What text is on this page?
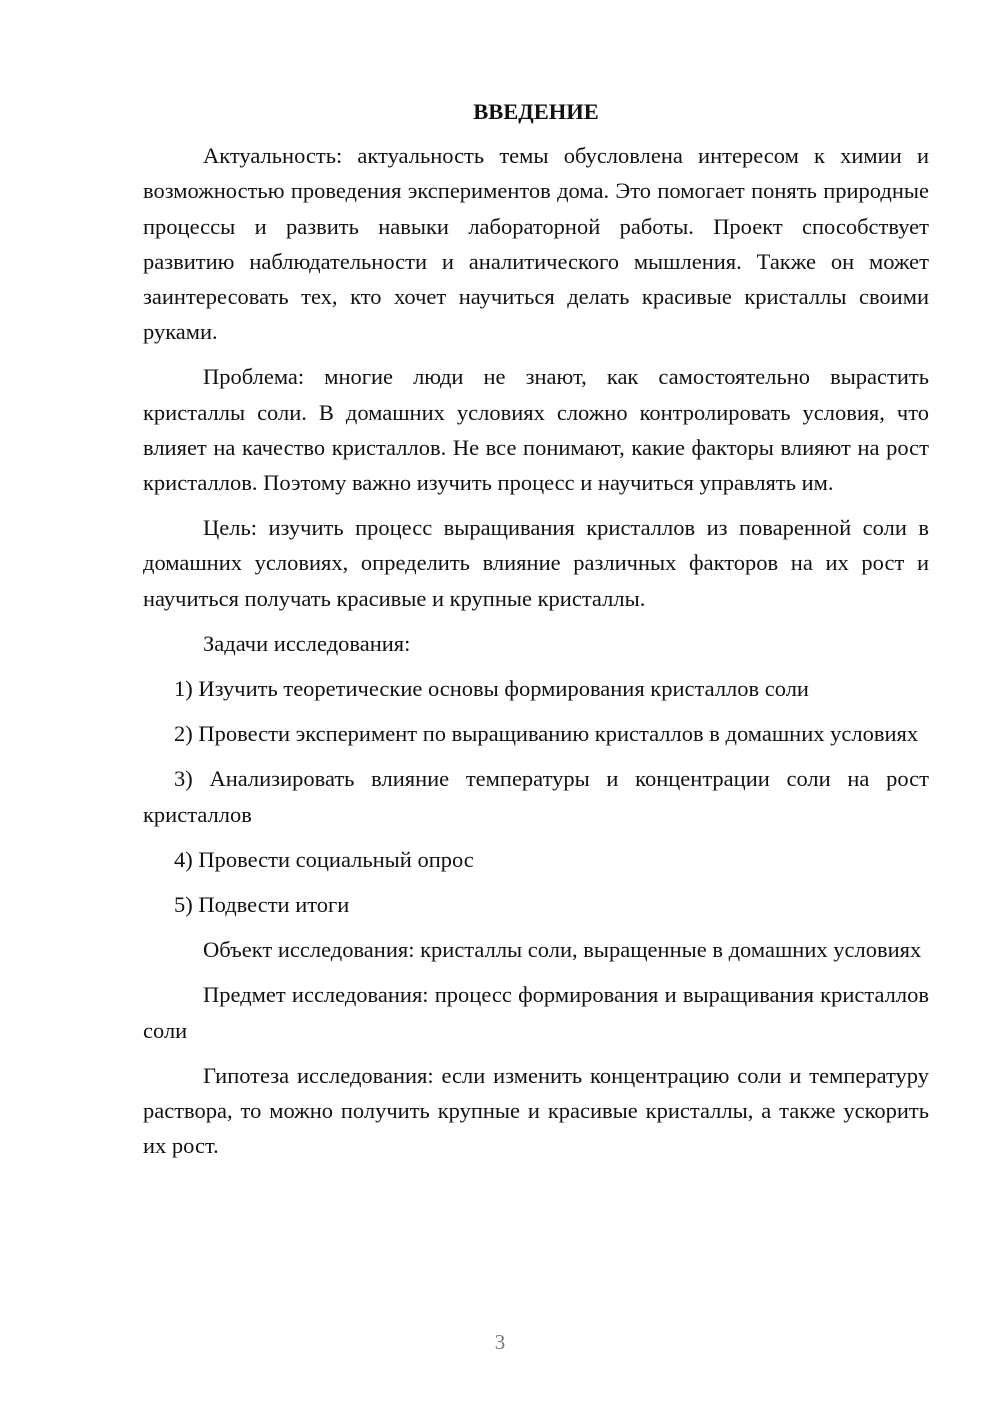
ВВЕДЕНИЕ

Актуальность: актуальность темы обусловлена интересом к химии и возможностью проведения экспериментов дома. Это помогает понять природные процессы и развить навыки лабораторной работы. Проект способствует развитию наблюдательности и аналитического мышления. Также он может заинтересовать тех, кто хочет научиться делать красивые кристаллы своими руками.

Проблема: многие люди не знают, как самостоятельно вырастить кристаллы соли. В домашних условиях сложно контролировать условия, что влияет на качество кристаллов. Не все понимают, какие факторы влияют на рост кристаллов. Поэтому важно изучить процесс и научиться управлять им.

Цель: изучить процесс выращивания кристаллов из поваренной соли в домашних условиях, определить влияние различных факторов на их рост и научиться получать красивые и крупные кристаллы.

Задачи исследования:

1) Изучить теоретические основы формирования кристаллов соли

2) Провести эксперимент по выращиванию кристаллов в домашних условиях

3) Анализировать влияние температуры и концентрации соли на рост кристаллов

4) Провести социальный опрос

5) Подвести итоги

Объект исследования: кристаллы соли, выращенные в домашних условиях

Предмет исследования: процесс формирования и выращивания кристаллов соли

Гипотеза исследования: если изменить концентрацию соли и температуру раствора, то можно получить крупные и красивые кристаллы, а также ускорить их рост.

3
